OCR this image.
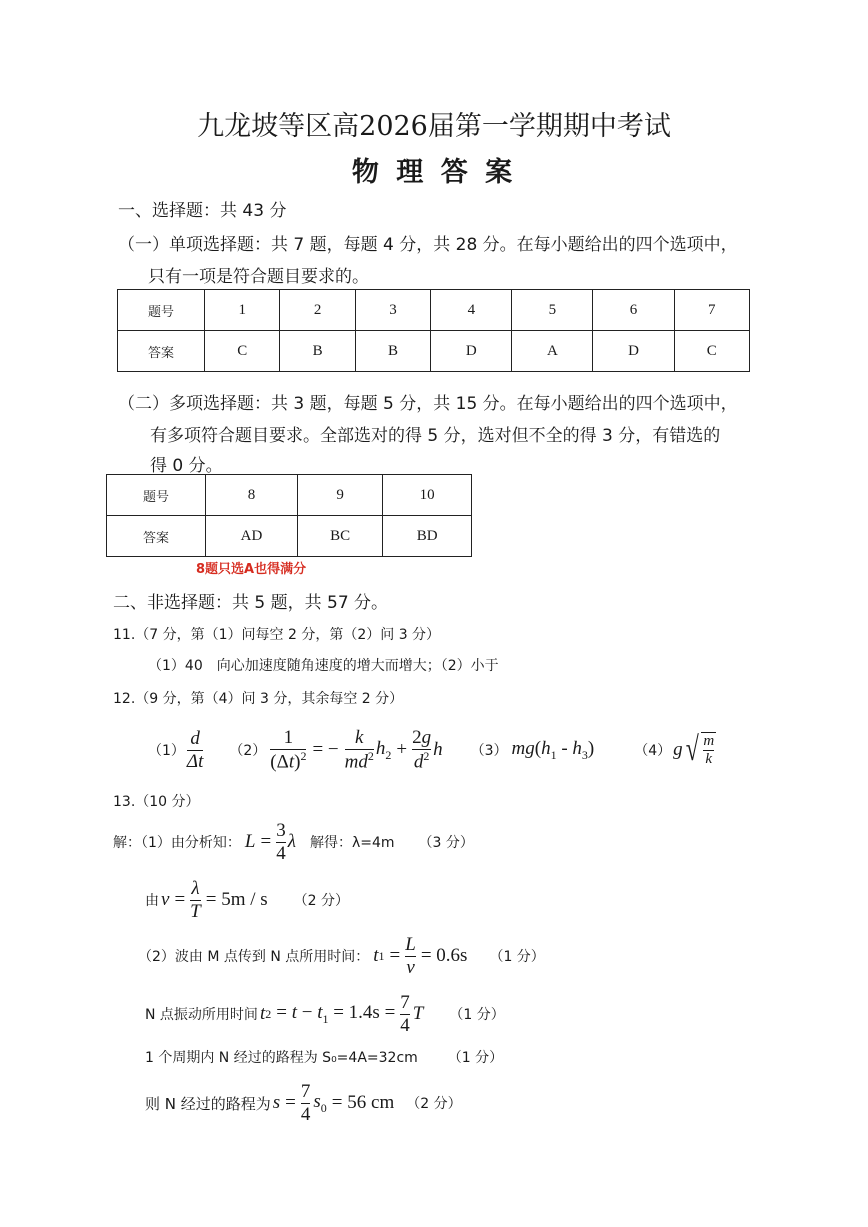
九龙坡等区高2026届第一学期期中考试
物 理 答 案
一、选择题：共 43 分
（一）单项选择题：共 7 题，每题 4 分，共 28 分。在每小题给出的四个选项中，
只有一项是符合题目要求的。
题号	1	2	3	4	5	6	7
答案	C	B	B	D	A	D	C
（二）多项选择题：共 3 题，每题 5 分，共 15 分。在每小题给出的四个选项中，
有多项符合题目要求。全部选对的得 5 分，选对但不全的得 3 分，有错选的
得 0 分。
题号	8	9	10
答案	AD	BC	BD
8题只选A也得满分
二、非选择题：共 5 题，共 57 分。
11.（7 分，第（1）问每空 2 分，第（2）问 3 分）
（1）40　向心加速度随角速度的增大而增大；（2）小于
12.（9 分，第（4）问 3 分，其余每空 2 分）
$(1) \frac{d}{\Delta t} (2) \frac{1}{(\Delta t)^2}$ = − $\frac{k}{md^2} h_2 + \frac{2g}{d^2}$ h （3） $mg(h_1 - h_3)$	（4） g √ $\frac{m}{k}$
13.（10 分）
解：（1）由分析知： $L = \frac{3}{4}$ λ 解得：λ=4m （3 分）
由 $v = \frac{\lambda}{T} = 5m / s$ （2 分）
（2）波由 M 点传到 N 点所用时间： t $1 = \frac{L}{v} = 0.6s$ （1 分）
N 点振动所用时间 t $2 = t - t_1 = 1.4s = \frac{7}{4}$ T （1 分）
1 个周期内 N 经过的路程为 S₀=4A=32cm （1 分）
则 N 经过的路程为 $s = \frac{7}{4} s_0 = 56$ cm （2 分）
